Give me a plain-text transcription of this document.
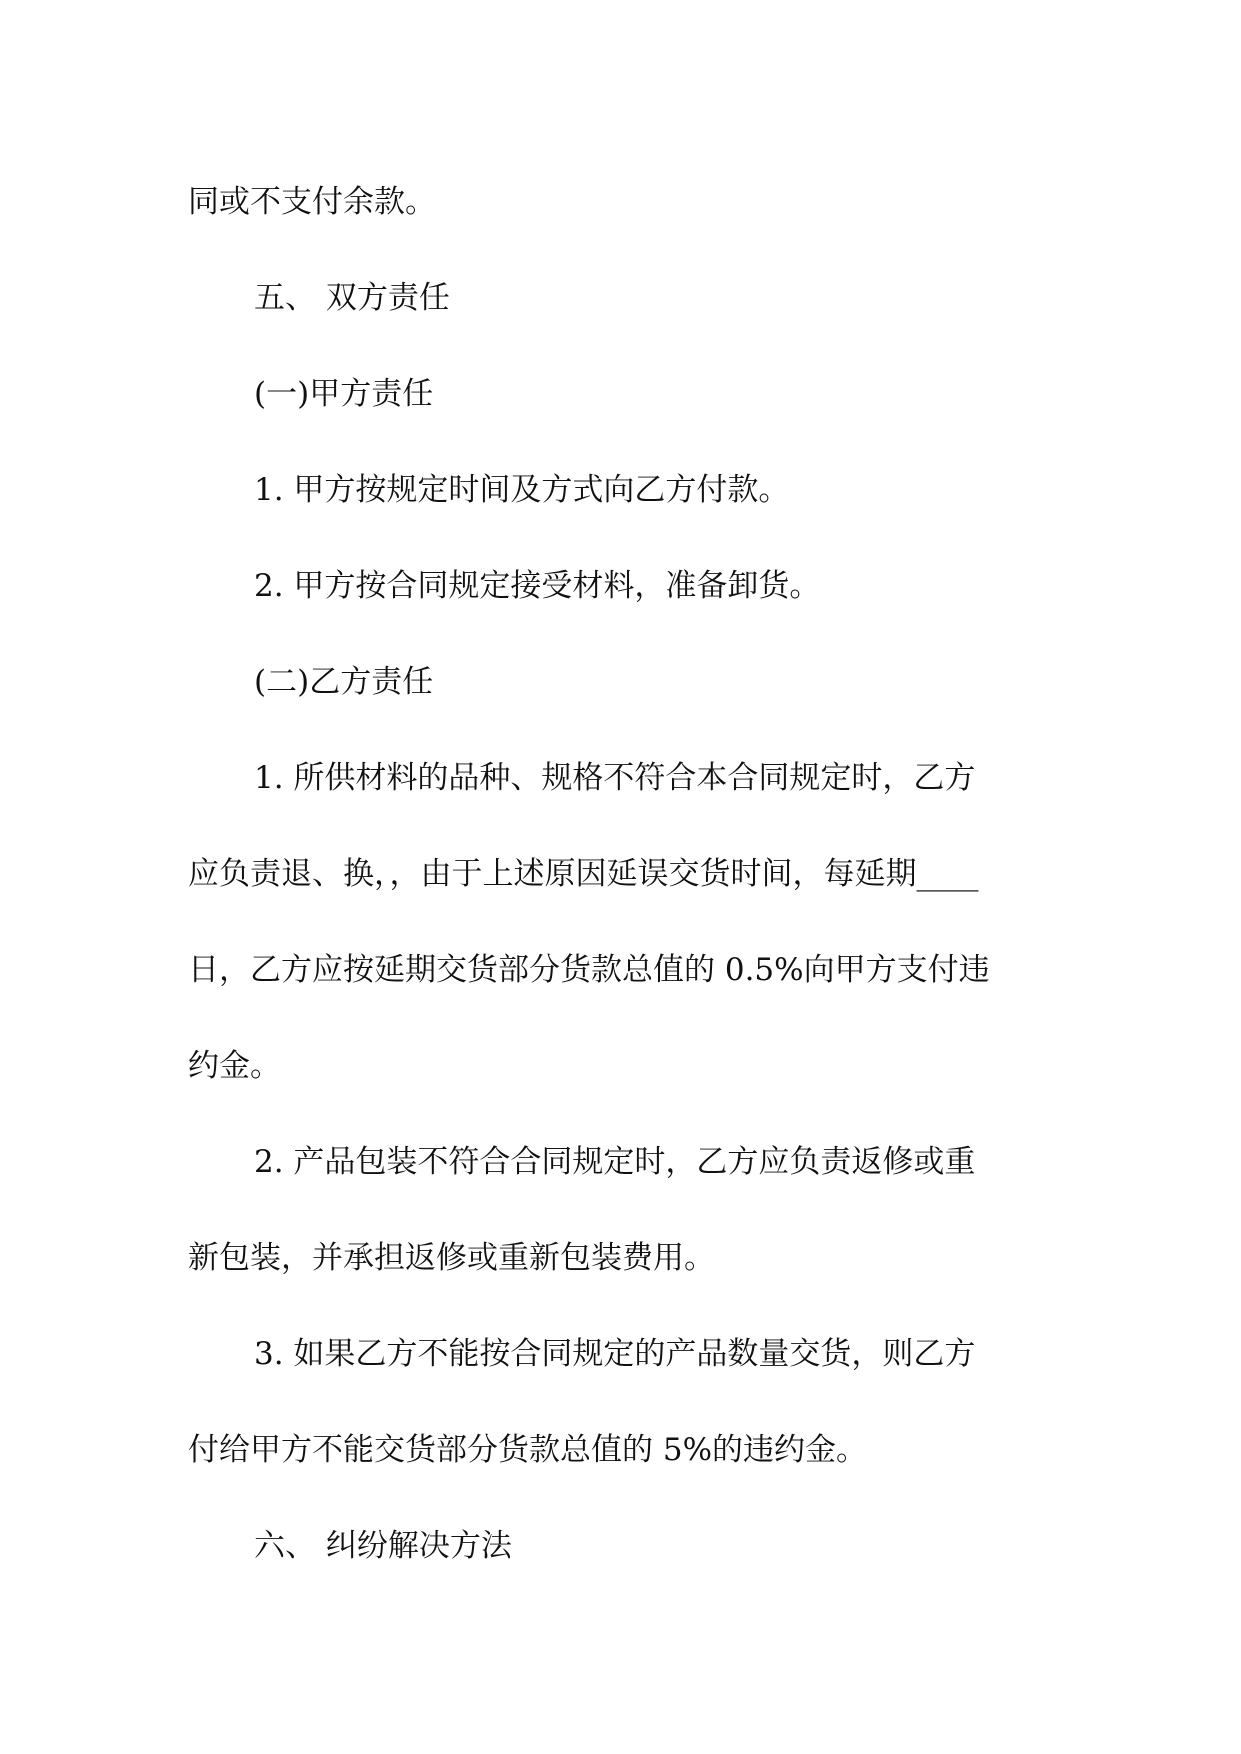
同或不支付余款。
五、 双方责任
(一)甲方责任
1. 甲方按规定时间及方式向乙方付款。
2. 甲方按合同规定接受材料，准备卸货。
(二)乙方责任
1. 所供材料的品种、规格不符合本合同规定时，乙方
应负责退、换，，由于上述原因延误交货时间，每延期____
日，乙方应按延期交货部分货款总值的 0.5%向甲方支付违
约金。
2. 产品包装不符合合同规定时，乙方应负责返修或重
新包装，并承担返修或重新包装费用。
3. 如果乙方不能按合同规定的产品数量交货，则乙方
付给甲方不能交货部分货款总值的 5%的违约金。
六、 纠纷解决方法
